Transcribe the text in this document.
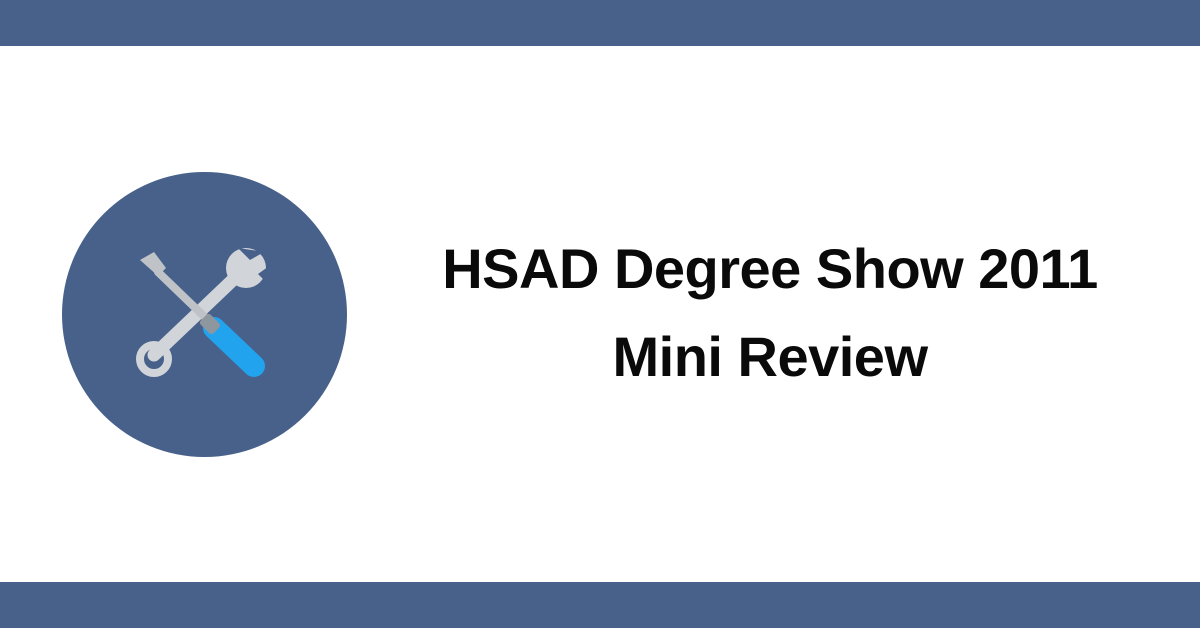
HSAD Degree Show 2011
Mini Review
